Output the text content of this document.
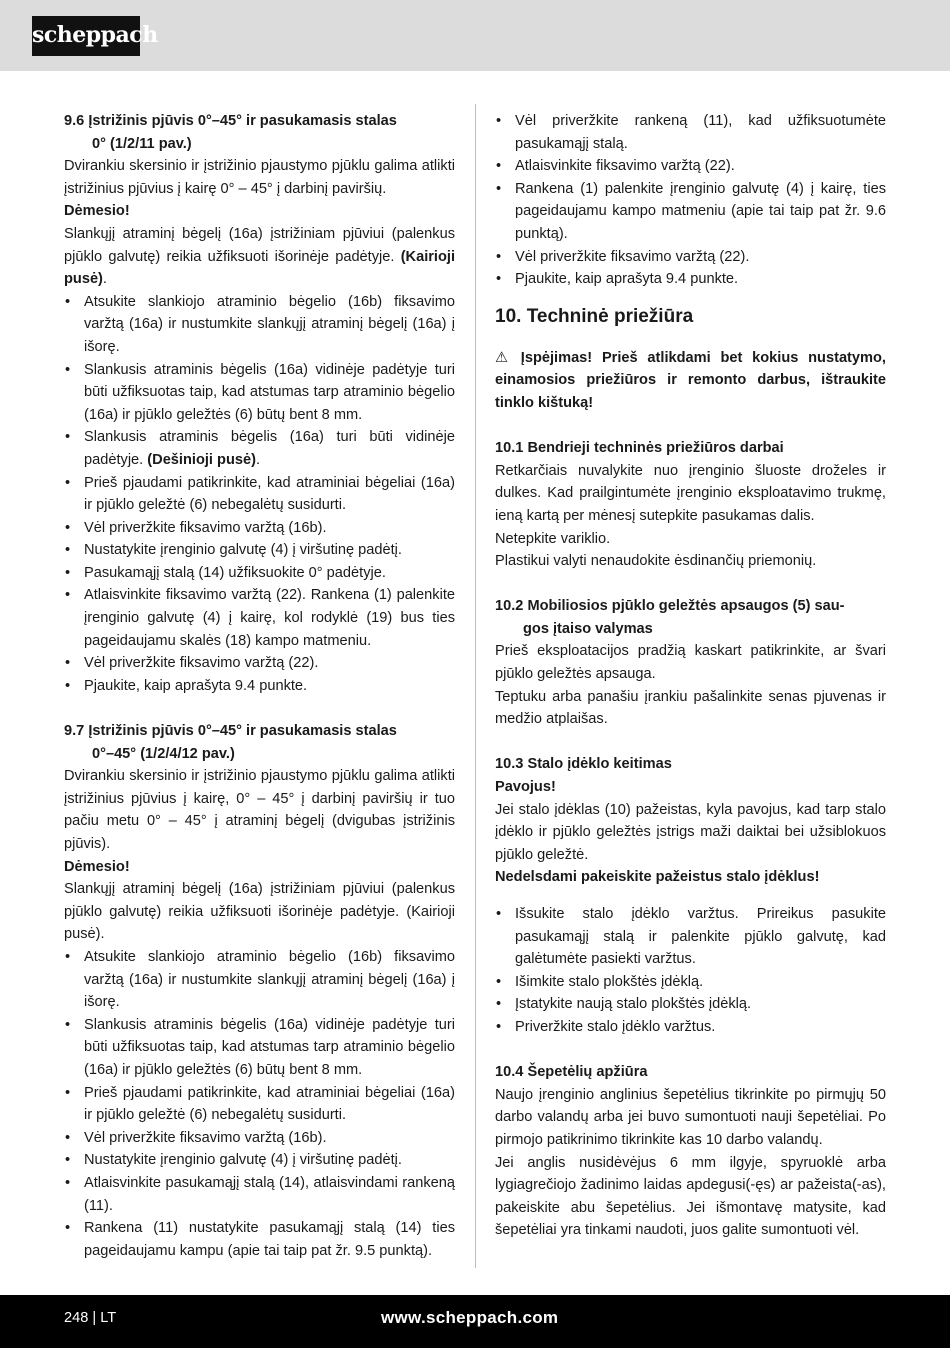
scheppach

9.6 Įstrižinis pjūvis 0°–45° ir pasukamasis stalas
0° (1/2/11 pav.)

Dvirankiu skersinio ir įstrižinio pjaustymo pjūklu galima atlikti įstrižinius pjūvius į kairę 0° – 45° į darbinį paviršių.

Dėmesio!

Slankųjį atraminį bėgelį (16a) įstrižiniam pjūviui (palenkus pjūklo galvutę) reikia užfiksuoti išorinėje padėtyje. (Kairioji pusė).

• Atsukite slankiojo atraminio bėgelio (16b) fiksavimo varžtą (16a) ir nustumkite slankųjį atraminį bėgelį (16a) į išorę.
• Slankusis atraminis bėgelis (16a) vidinėje padėtyje turi būti užfiksuotas taip, kad atstumas tarp atraminio bėgelio (16a) ir pjūklo geležtės (6) būtų bent 8 mm.
• Slankusis atraminis bėgelis (16a) turi būti vidinėje padėtyje. (Dešinioji pusė).
• Prieš pjaudami patikrinkite, kad atraminiai bėgeliai (16a) ir pjūklo geležtė (6) nebegalėtų susidurti.
• Vėl priveržkite fiksavimo varžtą (16b).
• Nustatykite įrenginio galvutę (4) į viršutinę padėtį.
• Pasukamąjį stalą (14) užfiksuokite 0° padėtyje.
• Atlaisvinkite fiksavimo varžtą (22). Rankena (1) palenkite įrenginio galvutę (4) į kairę, kol rodyklė (19) bus ties pageidaujamu skalės (18) kampo matmeniu.
• Vėl priveržkite fiksavimo varžtą (22).
• Pjaukite, kaip aprašyta 9.4 punkte.

9.7 Įstrižinis pjūvis 0°–45° ir pasukamasis stalas
0°–45° (1/2/4/12 pav.)

Dvirankiu skersinio ir įstrižinio pjaustymo pjūklu galima atlikti įstrižinius pjūvius į kairę, 0° – 45° į darbinį paviršių ir tuo pačiu metu 0° – 45° į atraminį bėgelį (dvigubas įstrižinis pjūvis).

Dėmesio!

Slankųjį atraminį bėgelį (16a) įstrižiniam pjūviui (palenkus pjūklo galvutę) reikia užfiksuoti išorinėje padėtyje. (Kairioji pusė).

• Atsukite slankiojo atraminio bėgelio (16b) fiksavimo varžtą (16a) ir nustumkite slankųjį atraminį bėgelį (16a) į išorę.
• Slankusis atraminis bėgelis (16a) vidinėje padėtyje turi būti užfiksuotas taip, kad atstumas tarp atraminio bėgelio (16a) ir pjūklo geležtės (6) būtų bent 8 mm.
• Prieš pjaudami patikrinkite, kad atraminiai bėgeliai (16a) ir pjūklo geležtė (6) nebegalėtų susidurti.
• Vėl priveržkite fiksavimo varžtą (16b).
• Nustatykite įrenginio galvutę (4) į viršutinę padėtį.
• Atlaisvinkite pasukamąjį stalą (14), atlaisvindami rankeną (11).
• Rankena (11) nustatykite pasukamąjį stalą (14) ties pageidaujamu kampu (apie tai taip pat žr. 9.5 punktą).
• Vėl priveržkite rankeną (11), kad užfiksuotumėte pasukamąjį stalą.
• Atlaisvinkite fiksavimo varžtą (22).
• Rankena (1) palenkite įrenginio galvutę (4) į kairę, ties pageidaujamu kampo matmeniu (apie tai taip pat žr. 9.6 punktą).
• Vėl priveržkite fiksavimo varžtą (22).
• Pjaukite, kaip aprašyta 9.4 punkte.
10. Techninė priežiūra

⚠ Įspėjimas! Prieš atlikdami bet kokius nustatymo, einamosios priežiūros ir remonto darbus, ištraukite tinklo kištuką!

10.1 Bendrieji techninės priežiūros darbai

Retkarčiais nuvalykite nuo įrenginio šluoste droželes ir dulkes. Kad prailgintumėte įrenginio eksploatavimo trukmę, ieną kartą per mėnesį sutepkite pasukamas dalis.

Netepkite variklio.

Plastikui valyti nenaudokite ėsdinančių priemonių.

10.2 Mobiliosios pjūklo geležtės apsaugos (5) sau-
gos įtaiso valymas

Prieš eksploatacijos pradžią kaskart patikrinkite, ar švari pjūklo geležtės apsauga.

Teptuku arba panašiu įrankiu pašalinkite senas pjuvenas ir medžio atplaišas.

10.3 Stalo įdėklo keitimas

Pavojus!

Jei stalo įdėklas (10) pažeistas, kyla pavojus, kad tarp stalo įdėklo ir pjūklo geležtės įstrigs maži daiktai bei užsiblokuos pjūklo geležtė.

Nedelsdami pakeiskite pažeistus stalo įdėklus!

• Išsukite stalo įdėklo varžtus. Prireikus pasukite pasukamąjį stalą ir palenkite pjūklo galvutę, kad galėtumėte pasiekti varžtus.
• Išimkite stalo plokštės įdėklą.
• Įstatykite naują stalo plokštės įdėklą.
• Priveržkite stalo įdėklo varžtus.

10.4 Šepetėlių apžiūra

Naujo įrenginio anglinius šepetėlius tikrinkite po pirmųjų 50 darbo valandų arba jei buvo sumontuoti nauji šepetėliai. Po pirmojo patikrinimo tikrinkite kas 10 darbo valandų.

Jei anglis nusidėvėjus 6 mm ilgyje, spyruoklė arba lygiagrečiojo žadinimo laidas apdegusi(-ęs) ar pažeista(-as), pakeiskite abu šepetėlius. Jei išmontavę matysite, kad šepetėliai yra tinkami naudoti, juos galite sumontuoti vėl.

248 | LT	www.scheppach.com
